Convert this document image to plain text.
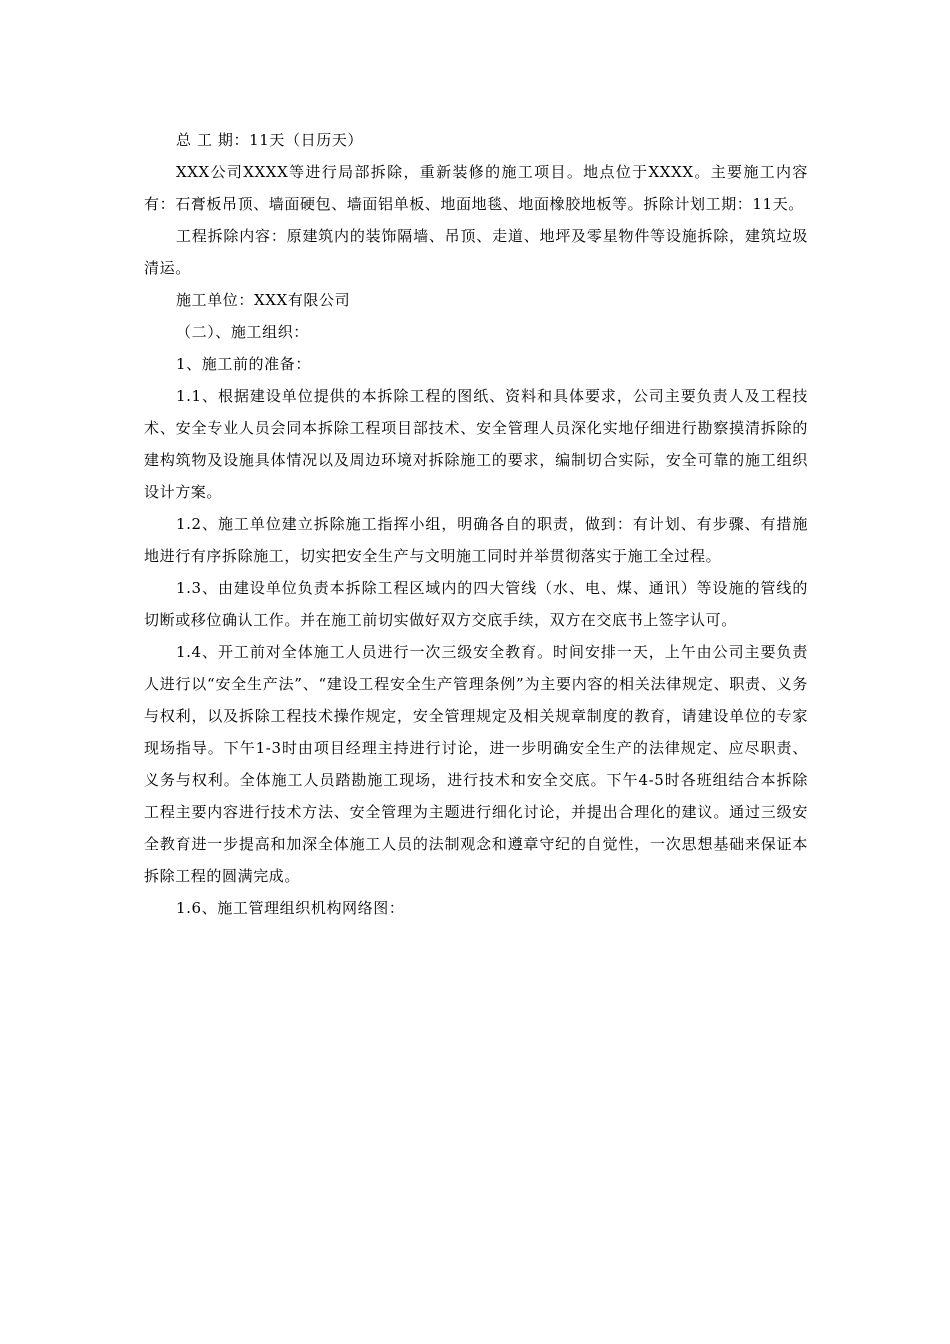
总 工 期：11天（日历天）

XXX公司XXXX等进行局部拆除，重新装修的施工项目。地点位于XXXX。主要施工内容有：石膏板吊顶、墙面硬包、墙面铝单板、地面地毯、地面橡胶地板等。拆除计划工期：11天。

工程拆除内容：原建筑内的装饰隔墙、吊顶、走道、地坪及零星物件等设施拆除，建筑垃圾清运。

施工单位：XXX有限公司

（二）、施工组织：

1、施工前的准备：

1.1、根据建设单位提供的本拆除工程的图纸、资料和具体要求，公司主要负责人及工程技术、安全专业人员会同本拆除工程项目部技术、安全管理人员深化实地仔细进行勘察摸清拆除的建构筑物及设施具体情况以及周边环境对拆除施工的要求，编制切合实际，安全可靠的施工组织设计方案。

1.2、施工单位建立拆除施工指挥小组，明确各自的职责，做到：有计划、有步骤、有措施地进行有序拆除施工，切实把安全生产与文明施工同时并举贯彻落实于施工全过程。

1.3、由建设单位负责本拆除工程区域内的四大管线（水、电、煤、通讯）等设施的管线的切断或移位确认工作。并在施工前切实做好双方交底手续，双方在交底书上签字认可。

1.4、开工前对全体施工人员进行一次三级安全教育。时间安排一天，上午由公司主要负责人进行以“安全生产法”、“建设工程安全生产管理条例”为主要内容的相关法律规定、职责、义务与权利，以及拆除工程技术操作规定，安全管理规定及相关规章制度的教育，请建设单位的专家现场指导。下午1-3时由项目经理主持进行讨论，进一步明确安全生产的法律规定、应尽职责、义务与权利。全体施工人员踏勘施工现场，进行技术和安全交底。下午4-5时各班组结合本拆除工程主要内容进行技术方法、安全管理为主题进行细化讨论，并提出合理化的建议。通过三级安全教育进一步提高和加深全体施工人员的法制观念和遵章守纪的自觉性，一次思想基础来保证本拆除工程的圆满完成。

1.6、施工管理组织机构网络图：
